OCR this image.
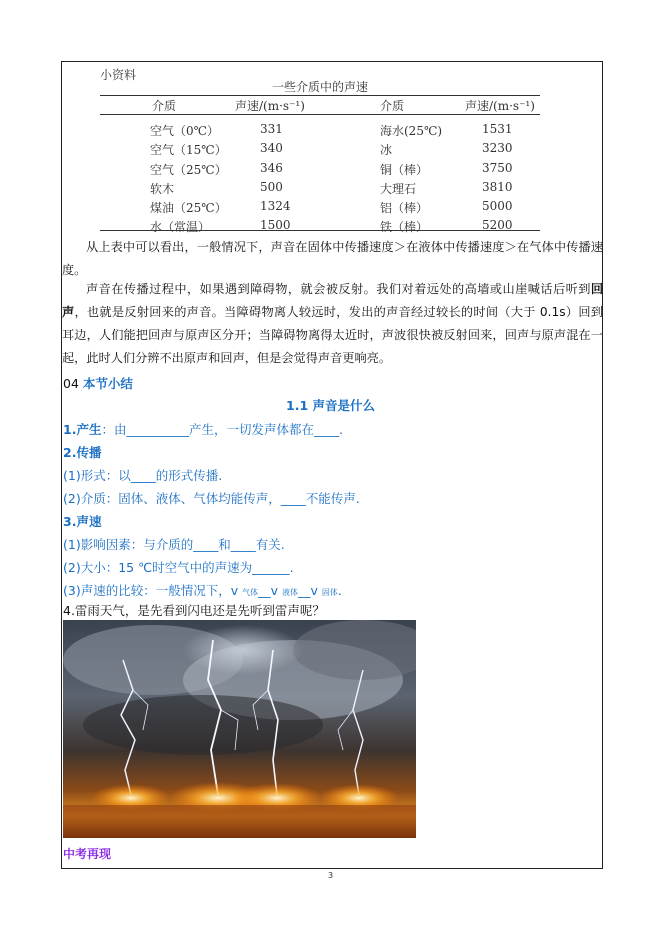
小资料
一些介质中的声速
介质	声速/(m·s⁻¹)	介质	声速/(m·s⁻¹)
空气（0℃）	331	海水(25℃)	1531
空气（15℃）	340	冰	3230
空气（25℃）	346	铜（棒）	3750
软木	500	大理石	3810
煤油（25℃）	1324	铝（棒）	5000
水（常温）	1500	铁（棒）	5200

从上表中可以看出，一般情况下，声音在固体中传播速度＞在液体中传播速度＞在气体中传播速度。

声音在传播过程中，如果遇到障碍物，就会被反射。我们对着远处的高墙或山崖喊话后听到回声，也就是反射回来的声音。当障碍物离人较远时，发出的声音经过较长的时间（大于 0.1s）回到耳边，人们能把回声与原声区分开；当障碍物离得太近时，声波很快被反射回来，回声与原声混在一起，此时人们分辨不出原声和回声，但是会觉得声音更响亮。

04 本节小结
1.1 声音是什么
1.产生：由__________产生，一切发声体都在____.
2.传播
(1)形式：以____的形式传播.
(2)介质：固体、液体、气体均能传声，____不能传声.
3.声速
(1)影响因素：与介质的____和____有关.
(2)大小：15 ℃时空气中的声速为______.
(3)声速的比较：一般情况下，v 气体__v 液体__v 固体.
4.雷雨天气，是先看到闪电还是先听到雷声呢？
中考再现
3
